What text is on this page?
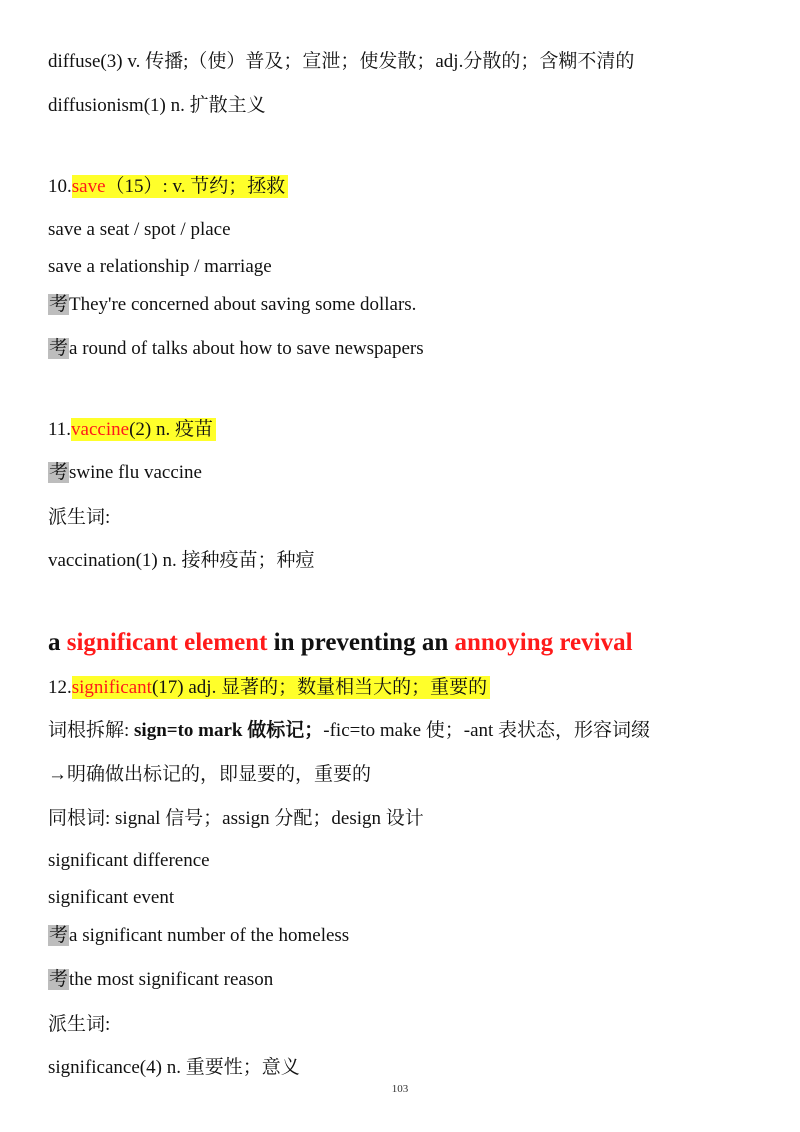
diffuse(3) v. 传播;（使）普及；宣泄；使发散；adj.分散的；含糊不清的
diffusionism(1) n. 扩散主义
10.save（15）: v. 节约；拯救
save a seat / spot / place
save a relationship / marriage
考They're concerned about saving some dollars.
考a round of talks about how to save newspapers
11.vaccine(2) n. 疫苗
考swine flu vaccine
派生词:
vaccination(1) n. 接种疫苗；种痘
a significant element in preventing an annoying revival
12.significant(17) adj. 显著的；数量相当大的；重要的
词根拆解: sign=to mark 做标记；-fic=to make 使；-ant 表状态，形容词缀
→明确做出标记的，即显要的，重要的
同根词: signal 信号；assign 分配；design 设计
significant difference
significant event
考a significant number of the homeless
考the most significant reason
派生词:
significance(4) n. 重要性；意义
103
